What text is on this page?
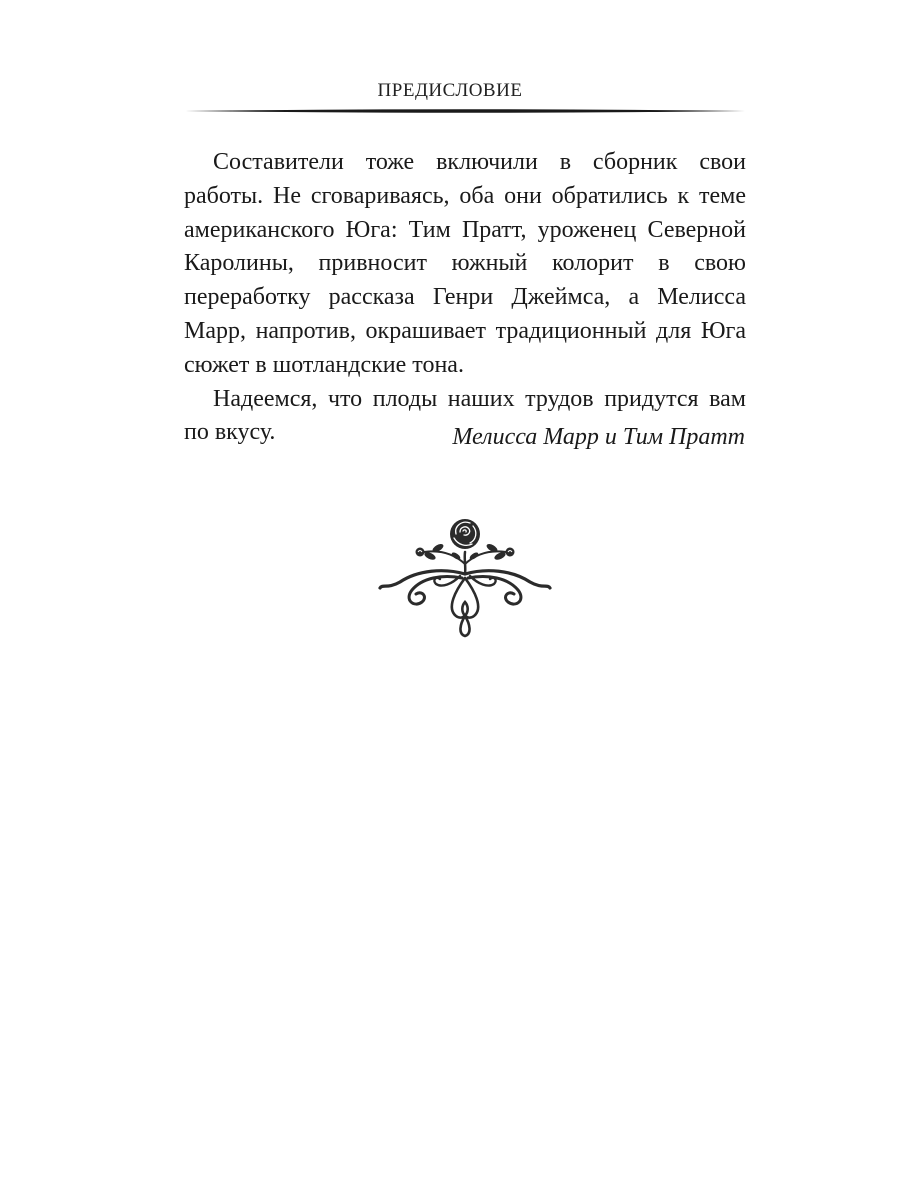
ПРЕДИСЛОВИЕ

Составители тоже включили в сборник свои работы. Не сговариваясь, оба они обратились к теме американского Юга: Тим Пратт, уроженец Северной Каролины, привносит южный колорит в свою переработку рассказа Генри Джеймса, а Мелисса Марр, напротив, окрашивает традиционный для Юга сюжет в шотландские тона.

Надеемся, что плоды наших трудов придутся вам по вкусу.	Мелисса Марр и Тим Пратт
